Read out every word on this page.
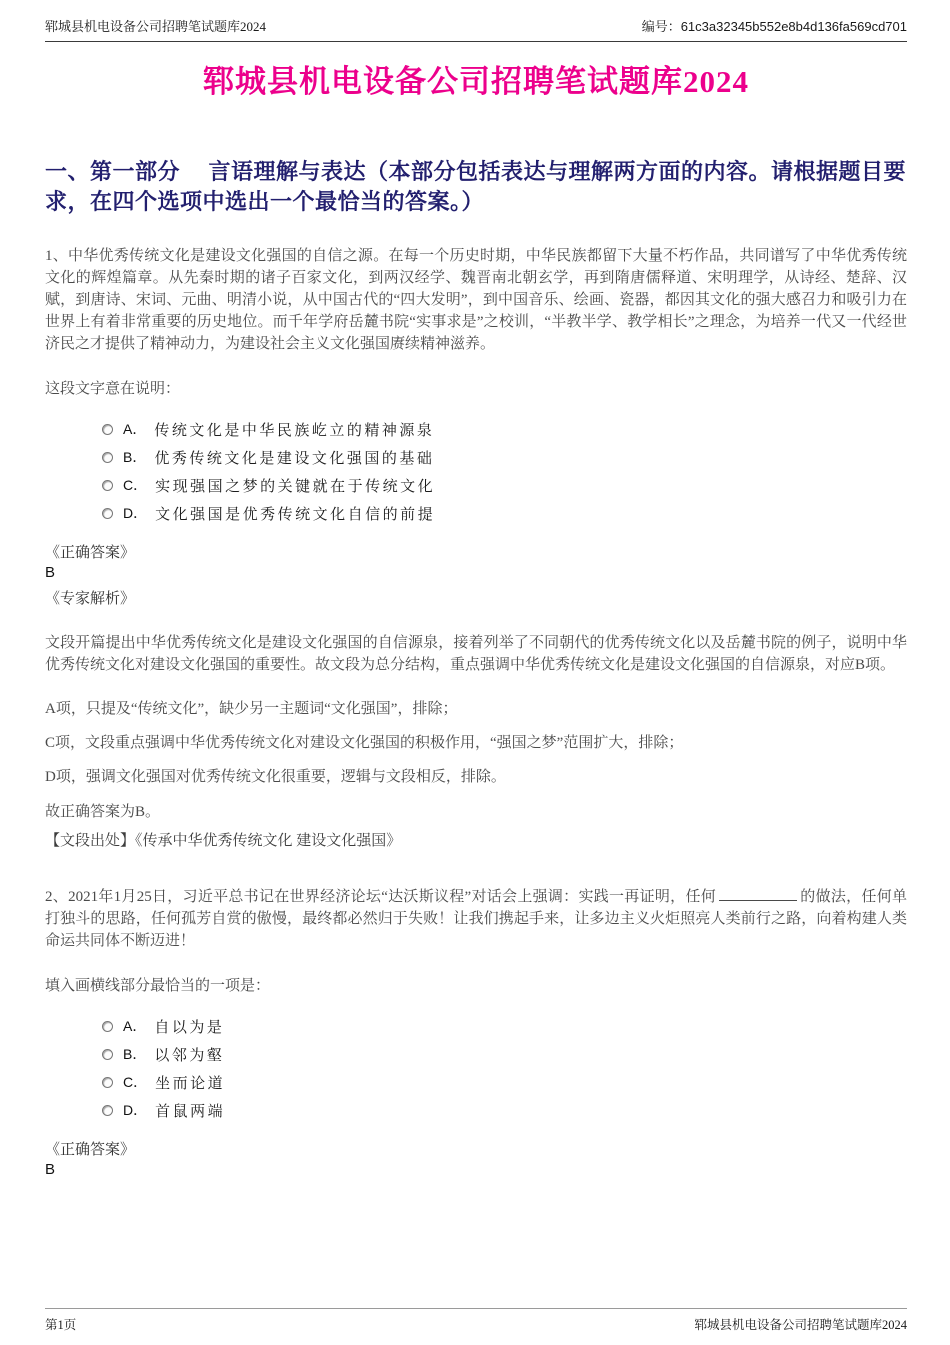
郓城县机电设备公司招聘笔试题库2024	编号：61c3a32345b552e8b4d136fa569cd701
郓城县机电设备公司招聘笔试题库2024
一、第一部分　 言语理解与表达（本部分包括表达与理解两方面的内容。请根据题目要求，在四个选项中选出一个最恰当的答案。）

1、中华优秀传统文化是建设文化强国的自信之源。在每一个历史时期，中华民族都留下大量不朽作品，共同谱写了中华优秀传统文化的辉煌篇章。从先秦时期的诸子百家文化，到两汉经学、魏晋南北朝玄学，再到隋唐儒释道、宋明理学，从诗经、楚辞、汉赋，到唐诗、宋词、元曲、明清小说，从中国古代的“四大发明”，到中国音乐、绘画、瓷器，都因其文化的强大感召力和吸引力在世界上有着非常重要的历史地位。而千年学府岳麓书院“实事求是”之校训，“半教半学、教学相长”之理念，为培养一代又一代经世济民之才提供了精神动力，为建设社会主义文化强国赓续精神滋养。

这段文字意在说明：

A． 传统文化是中华民族屹立的精神源泉
B． 优秀传统文化是建设文化强国的基础
C． 实现强国之梦的关键就在于传统文化
D． 文化强国是优秀传统文化自信的前提

《正确答案》

B

《专家解析》

文段开篇提出中华优秀传统文化是建设文化强国的自信源泉，接着列举了不同朝代的优秀传统文化以及岳麓书院的例子，说明中华优秀传统文化对建设文化强国的重要性。故文段为总分结构，重点强调中华优秀传统文化是建设文化强国的自信源泉，对应B项。

A项，只提及“传统文化”，缺少另一主题词“文化强国”，排除；

C项，文段重点强调中华优秀传统文化对建设文化强国的积极作用，“强国之梦”范围扩大，排除；

D项，强调文化强国对优秀传统文化很重要，逻辑与文段相反，排除。

故正确答案为B。

【文段出处】《传承中华优秀传统文化 建设文化强国》

2、2021年1月25日，习近平总书记在世界经济论坛“达沃斯议程”对话会上强调：实践一再证明，任何	的做法，任何单打独斗的思路，任何孤芳自赏的傲慢，最终都必然归于失败！让我们携起手来，让多边主义火炬照亮人类前行之路，向着构建人类命运共同体不断迈进！

填入画横线部分最恰当的一项是：

A． 自以为是
B． 以邻为壑
C． 坐而论道
D． 首鼠两端

《正确答案》

B

第1页	郓城县机电设备公司招聘笔试题库2024
